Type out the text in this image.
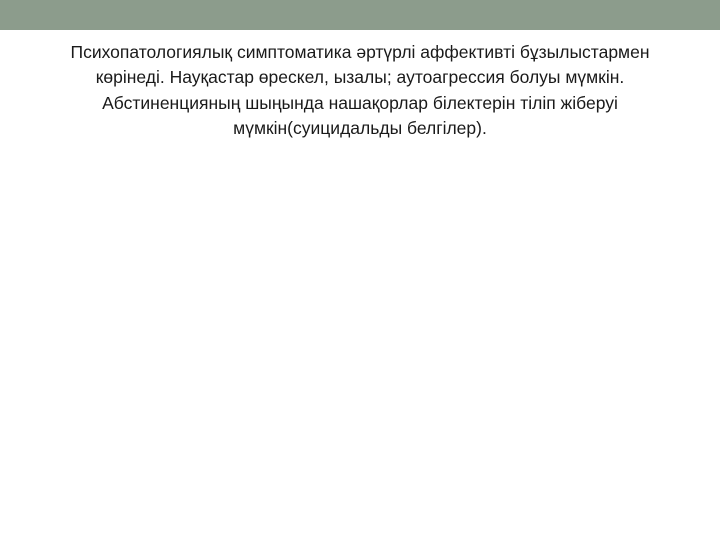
Психопатологиялық симптоматика әртүрлі аффективті бұзылыстармен көрінеді. Науқастар өрескел, ызалы; аутоагрессия болуы мүмкін. Абстиненцияның шыңында нашақорлар білектерін тіліп жіберуі мүмкін(суицидальды белгілер).
